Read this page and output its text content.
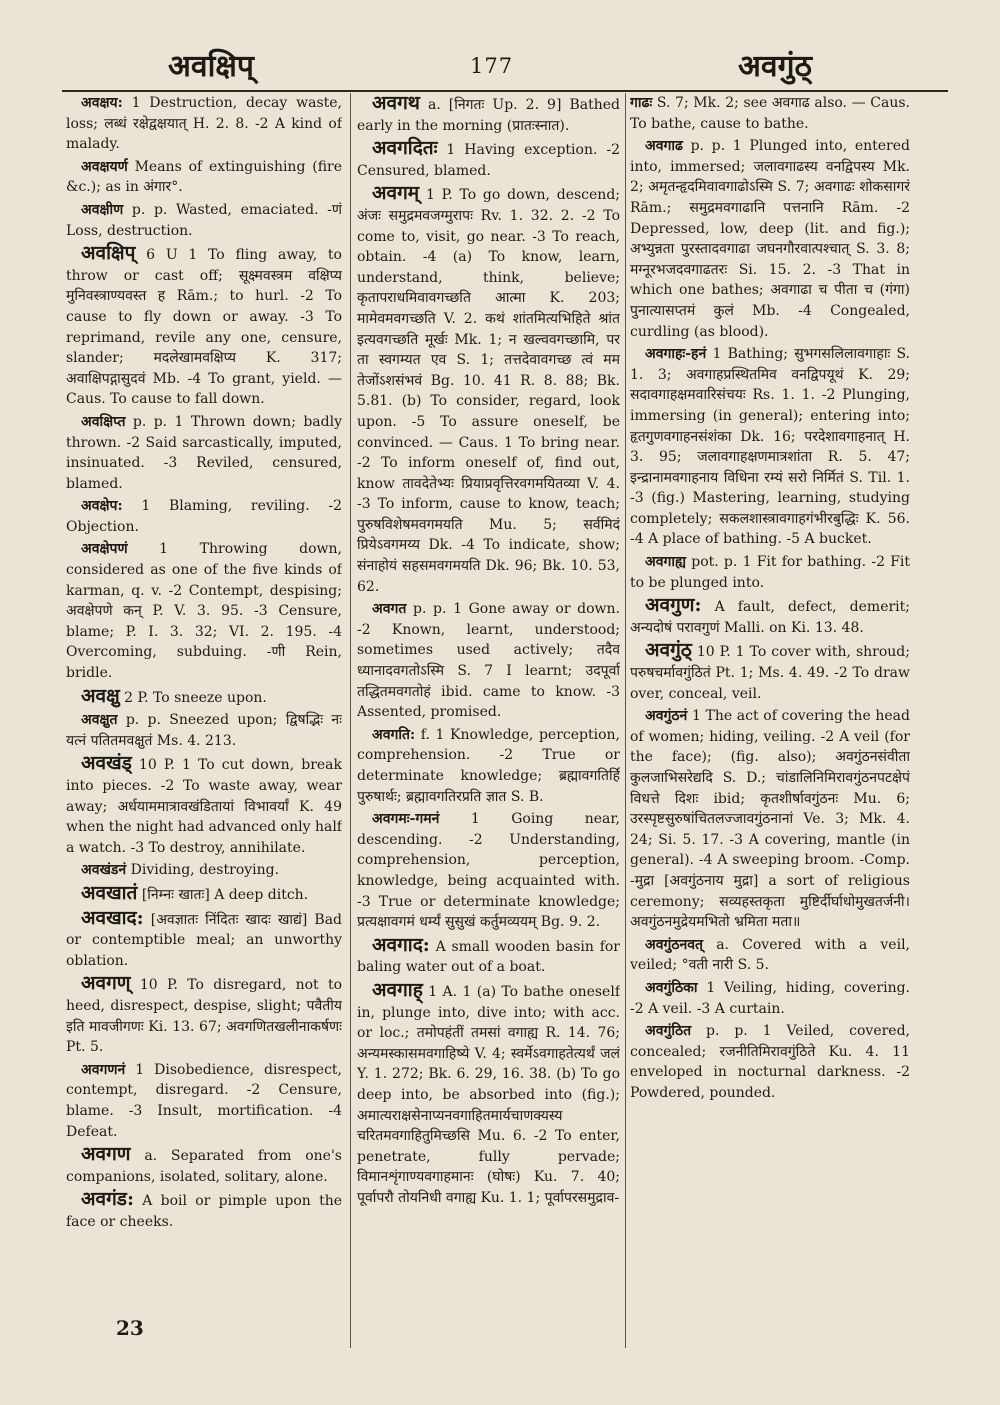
अवक्षिप्	177	अवगुंठ्

अवक्षय: 1 Destruction, decay waste, loss; लब्धं रक्षेद्वक्षयात् H. 2. 8. -2 A kind of malady.

अवक्षयर्ण Means of extinguishing (fire &c.); as in अंगार°.

अवक्षीण p. p. Wasted, emaciated. -णं Loss, destruction.

अवक्षिप् 6 U 1 To fling away, to throw or cast off; सूक्ष्मवस्त्रम वक्षिप्य मुनिवस्त्राण्यवस्त ह Rām.; to hurl. -2 To cause to fly down or away. -3 To reprimand, revile any one, censure, slander; मदलेखामवक्षिप्य K. 317; अवाक्षिपद्गासुदवं Mb. -4 To grant, yield. — Caus. To cause to fall down.

अवक्षिप्त p. p. 1 Thrown down; badly thrown. -2 Said sarcastically, imputed, insinuated. -3 Reviled, censured, blamed.

अवक्षेप: 1 Blaming, reviling. -2 Objection.

अवक्षेपणं 1 Throwing down, considered as one of the five kinds of karman, q. v. -2 Contempt, despising; अवक्षेपणे कन् P. V. 3. 95. -3 Censure, blame; P. I. 3. 32; VI. 2. 195. -4 Overcoming, subduing. -णी Rein, bridle.

अवक्षु 2 P. To sneeze upon.

अवक्षुत p. p. Sneezed upon; द्विषद्भिः नः यत्नं पतितमवक्षुतं Ms. 4. 213.

अवखंड् 10 P. 1 To cut down, break into pieces. -2 To waste away, wear away; अर्धयाममात्रावखंडितायां विभावर्यां K. 49 when the night had advanced only half a watch. -3 To destroy, annihilate.

अवखंडनं Dividing, destroying.

अवखातं [निम्नः खातः] A deep ditch.

अवखाद: [अवज्ञातः निंदितः खादः खाद्यं] Bad or contemptible meal; an unworthy oblation.

अवगण् 10 P. To disregard, not to heed, disrespect, despise, slight; पवैतीय इति मावजीगणः Ki. 13. 67; अवगणितखलीनाकर्षणः Pt. 5.

अवगणनं 1 Disobedience, disrespect, contempt, disregard. -2 Censure, blame. -3 Insult, mortification. -4 Defeat.

अवगण a. Separated from one's companions, isolated, solitary, alone.

अवगंड: A boil or pimple upon the face or cheeks.

अवगथ a. [निगतः Up. 2. 9] Bathed early in the morning (प्रातःस्नात).

अवगदितः 1 Having exception. -2 Censured, blamed.

अवगम् 1 P. To go down, descend; अंजः समुद्रमवजग्मुरापः Rv. 1. 32. 2. -2 To come to, visit, go near. -3 To reach, obtain. -4 (a) To know, learn, understand, think, believe; कृतापराधमिवावगच्छति आत्मा K. 203; मामेवमवगच्छति V. 2. कथं शांतमित्यभिहिते श्रांत इत्यवगच्छति मूर्खः Mk. 1; न खल्ववगच्छामि, पर ता स्वगम्यत एव S. 1; तत्तदेवावगच्छ त्वं मम तेजोंऽशसंभवं Bg. 10. 41 R. 8. 88; Bk. 5.81. (b) To consider, regard, look upon. -5 To assure oneself, be convinced. — Caus. 1 To bring near. -2 To inform oneself of, find out, know तावदेतेभ्यः प्रियाप्रवृत्तिरवगमयितव्या V. 4. -3 To inform, cause to know, teach; पुरुषविशेषमवगमयति Mu. 5; सर्वमिदं प्रियेऽवगमय्य Dk. -4 To indicate, show; संनाहोयं सहसमवगमयति Dk. 96; Bk. 10. 53, 62.

अवगत p. p. 1 Gone away or down. -2 Known, learnt, understood; sometimes used actively; तदैव ध्यानादवगतोऽस्मि S. 7 I learnt; उदपूर्वा तद्धितमवगतोहं ibid. came to know. -3 Assented, promised.

अवगति: f. 1 Knowledge, perception, comprehension. -2 True or determinate knowledge; ब्रह्मावगतिर्हि पुरुषार्थः; ब्रह्मावगतिरप्रति ज्ञात S. B.

अवगमः-गमनं 1 Going near, descending. -2 Understanding, comprehension, perception, knowledge, being acquainted with. -3 True or determinate knowledge; प्रत्यक्षावगमं धर्म्यं सुसुखं कर्तुमव्ययम् Bg. 9. 2.

अवगाद: A small wooden basin for baling water out of a boat.

अवगाह् 1 A. 1 (a) To bathe oneself in, plunge into, dive into; with acc. or loc.; तमोपहंतीं तमसां वगाह्य R. 14. 76; अन्यमस्कासमवगाहिष्ये V. 4; स्वर्मेऽवगाहतेत्यर्थं जलं Y. 1. 272; Bk. 6. 29, 16. 38. (b) To go deep into, be absorbed into (fig.); अमात्यराक्षसेनाप्यनवगाहितमार्यचाणक्यस्य चरितमवगाहितुमिच्छसि Mu. 6. -2 To enter, penetrate, fully pervade; विमानशृंगाण्यवगाहमानः (घोषः) Ku. 7. 40; पूर्वापरौ तोयनिधी वगाह्य Ku. 1. 1; पूर्वापरसमुद्राव-

गाढः S. 7; Mk. 2; see अवगाढ also. — Caus. To bathe, cause to bathe.

अवगाढ p. p. 1 Plunged into, entered into, immersed; जलावगाढस्य वनद्विपस्य Mk. 2; अमृतन्हृदमिवावगाढोऽस्मि S. 7; अवगाढः शोकसागरं Rām.; समुद्रमवगाढानि पत्तनानि Rām. -2 Depressed, low, deep (lit. and fig.); अभ्युन्नता पुरस्तादवगाढा जघनगौरवात्पश्चात् S. 3. 8; मग्नूरभजदवगाढतरः Si. 15. 2. -3 That in which one bathes; अवगाढा च पीता च (गंगा) पुनात्यासप्तमं कुलं Mb. -4 Congealed, curdling (as blood).

अवगाहः-हनं 1 Bathing; सुभगसलिलावगाहाः S. 1. 3; अवगाहप्रस्थितमिव वनद्विपयूथं K. 29; सदावगाहक्षमवारिसंचयः Rs. 1. 1. -2 Plunging, immersing (in general); entering into; हृतगुणवगाहनसंशंका Dk. 16; परदेशावगाहनात् H. 3. 95; जलावगाहक्षणमात्रशांता R. 5. 47; इन्द्रानामवगाहनाय विधिना रम्यं सरो निर्मितं S. Til. 1. -3 (fig.) Mastering, learning, studying completely; सकलशास्त्रावगाहगंभीरबुद्धिः K. 56. -4 A place of bathing. -5 A bucket.

अवगाह्य pot. p. 1 Fit for bathing. -2 Fit to be plunged into.

अवगुण: A fault, defect, demerit; अन्यदोषं परावगुणं Malli. on Ki. 13. 48.

अवगुंठ् 10 P. 1 To cover with, shroud; परुषचर्मावगुंठितं Pt. 1; Ms. 4. 49. -2 To draw over, conceal, veil.

अवगुंठनं 1 The act of covering the head of women; hiding, veiling. -2 A veil (for the face); (fig. also); अवगुंठनसंवीता कुलजाभिसरेद्यदि S. D.; चांडालिनिमिरावगुंठनपटक्षेपं विधत्ते दिशः ibid; कृतशीर्षावगुंठनः Mu. 6; उरस्पृष्टसुरुषांचितलज्जावगुंठनानां Ve. 3; Mk. 4. 24; Si. 5. 17. -3 A covering, mantle (in general). -4 A sweeping broom. -Comp. -मुद्रा [अवगुंठनाय मुद्रा] a sort of religious ceremony; सव्यहस्तकृता मुष्टिर्दीर्घाधोमुखतर्जनी। अवगुंठनमुद्रेयमभितो भ्रमिता मता॥

अवगुंठनवत् a. Covered with a veil, veiled; °वती नारी S. 5.

अवगुंठिका 1 Veiling, hiding, covering. -2 A veil. -3 A curtain.

अवगुंठित p. p. 1 Veiled, covered, concealed; रजनीतिमिरावगुंठिते Ku. 4. 11 enveloped in nocturnal darkness. -2 Powdered, pounded.

23
